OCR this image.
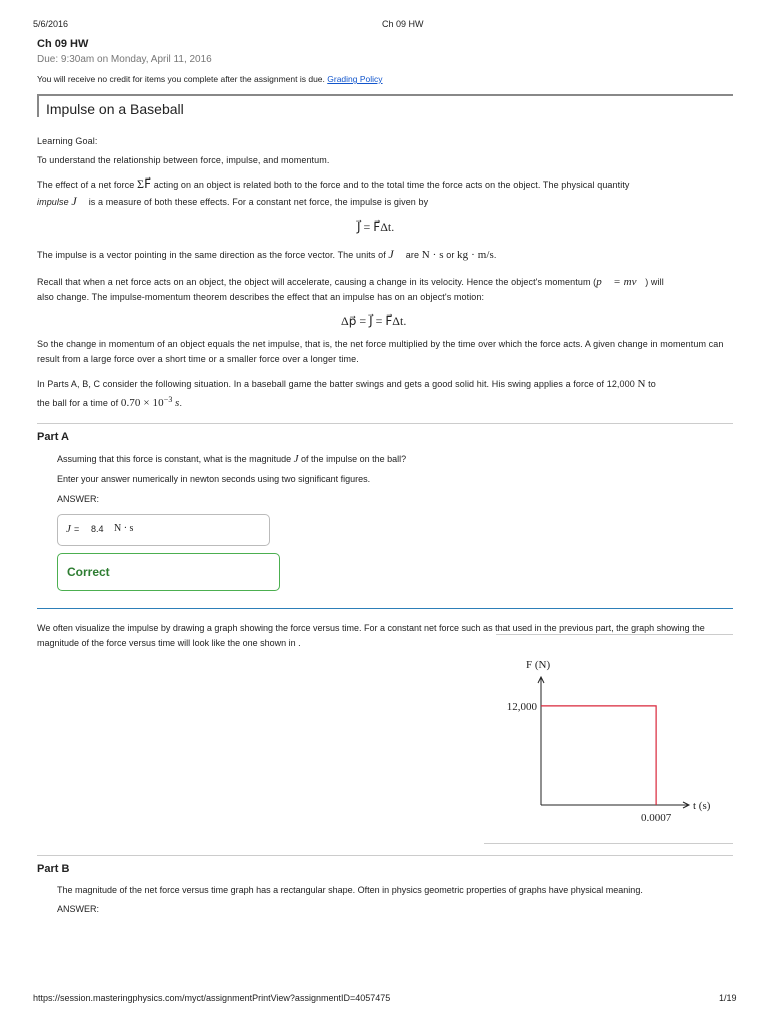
5/6/2016	Ch 09 HW
Ch 09 HW
Due: 9:30am on Monday, April 11, 2016
You will receive no credit for items you complete after the assignment is due. Grading Policy
Impulse on a Baseball
Learning Goal:
To understand the relationship between force, impulse, and momentum.
The effect of a net force ΣF⃗ acting on an object is related both to the force and to the total time the force acts on the object. The physical quantity
impulse J⃗ is a measure of both these effects. For a constant net force, the impulse is given by
J⃗ = F⃗Δt.
The impulse is a vector pointing in the same direction as the force vector. The units of J⃗ are N · s or kg · m/s.
Recall that when a net force acts on an object, the object will accelerate, causing a change in its velocity. Hence the object's momentum (p⃗ = mv⃗) will
also change. The impulse-momentum theorem describes the effect that an impulse has on an object's motion:
Δp⃗ = J⃗ = F⃗Δt.
So the change in momentum of an object equals the net impulse, that is, the net force multiplied by the time over which the force acts. A given change in momentum can result from a large force over a short time or a smaller force over a longer time.
In Parts A, B, C consider the following situation. In a baseball game the batter swings and gets a good solid hit. His swing applies a force of 12,000 N to
the ball for a time of $0.70 \times 10^{-3}$ s.
Part A
Assuming that this force is constant, what is the magnitude J of the impulse on the ball?
Enter your answer numerically in newton seconds using two significant figures.
ANSWER:
J = 8.4 N · s
Correct
We often visualize the impulse by drawing a graph showing the force versus time. For a constant net force such as that used in the previous part, the graph showing the magnitude of the force versus time will look like the one shown in .
F (N)
t (s)
12,000
0.0007
Part B
The magnitude of the net force versus time graph has a rectangular shape. Often in physics geometric properties of graphs have physical meaning.
ANSWER:
https://session.masteringphysics.com/myct/assignmentPrintView?assignmentID=4057475	1/19
